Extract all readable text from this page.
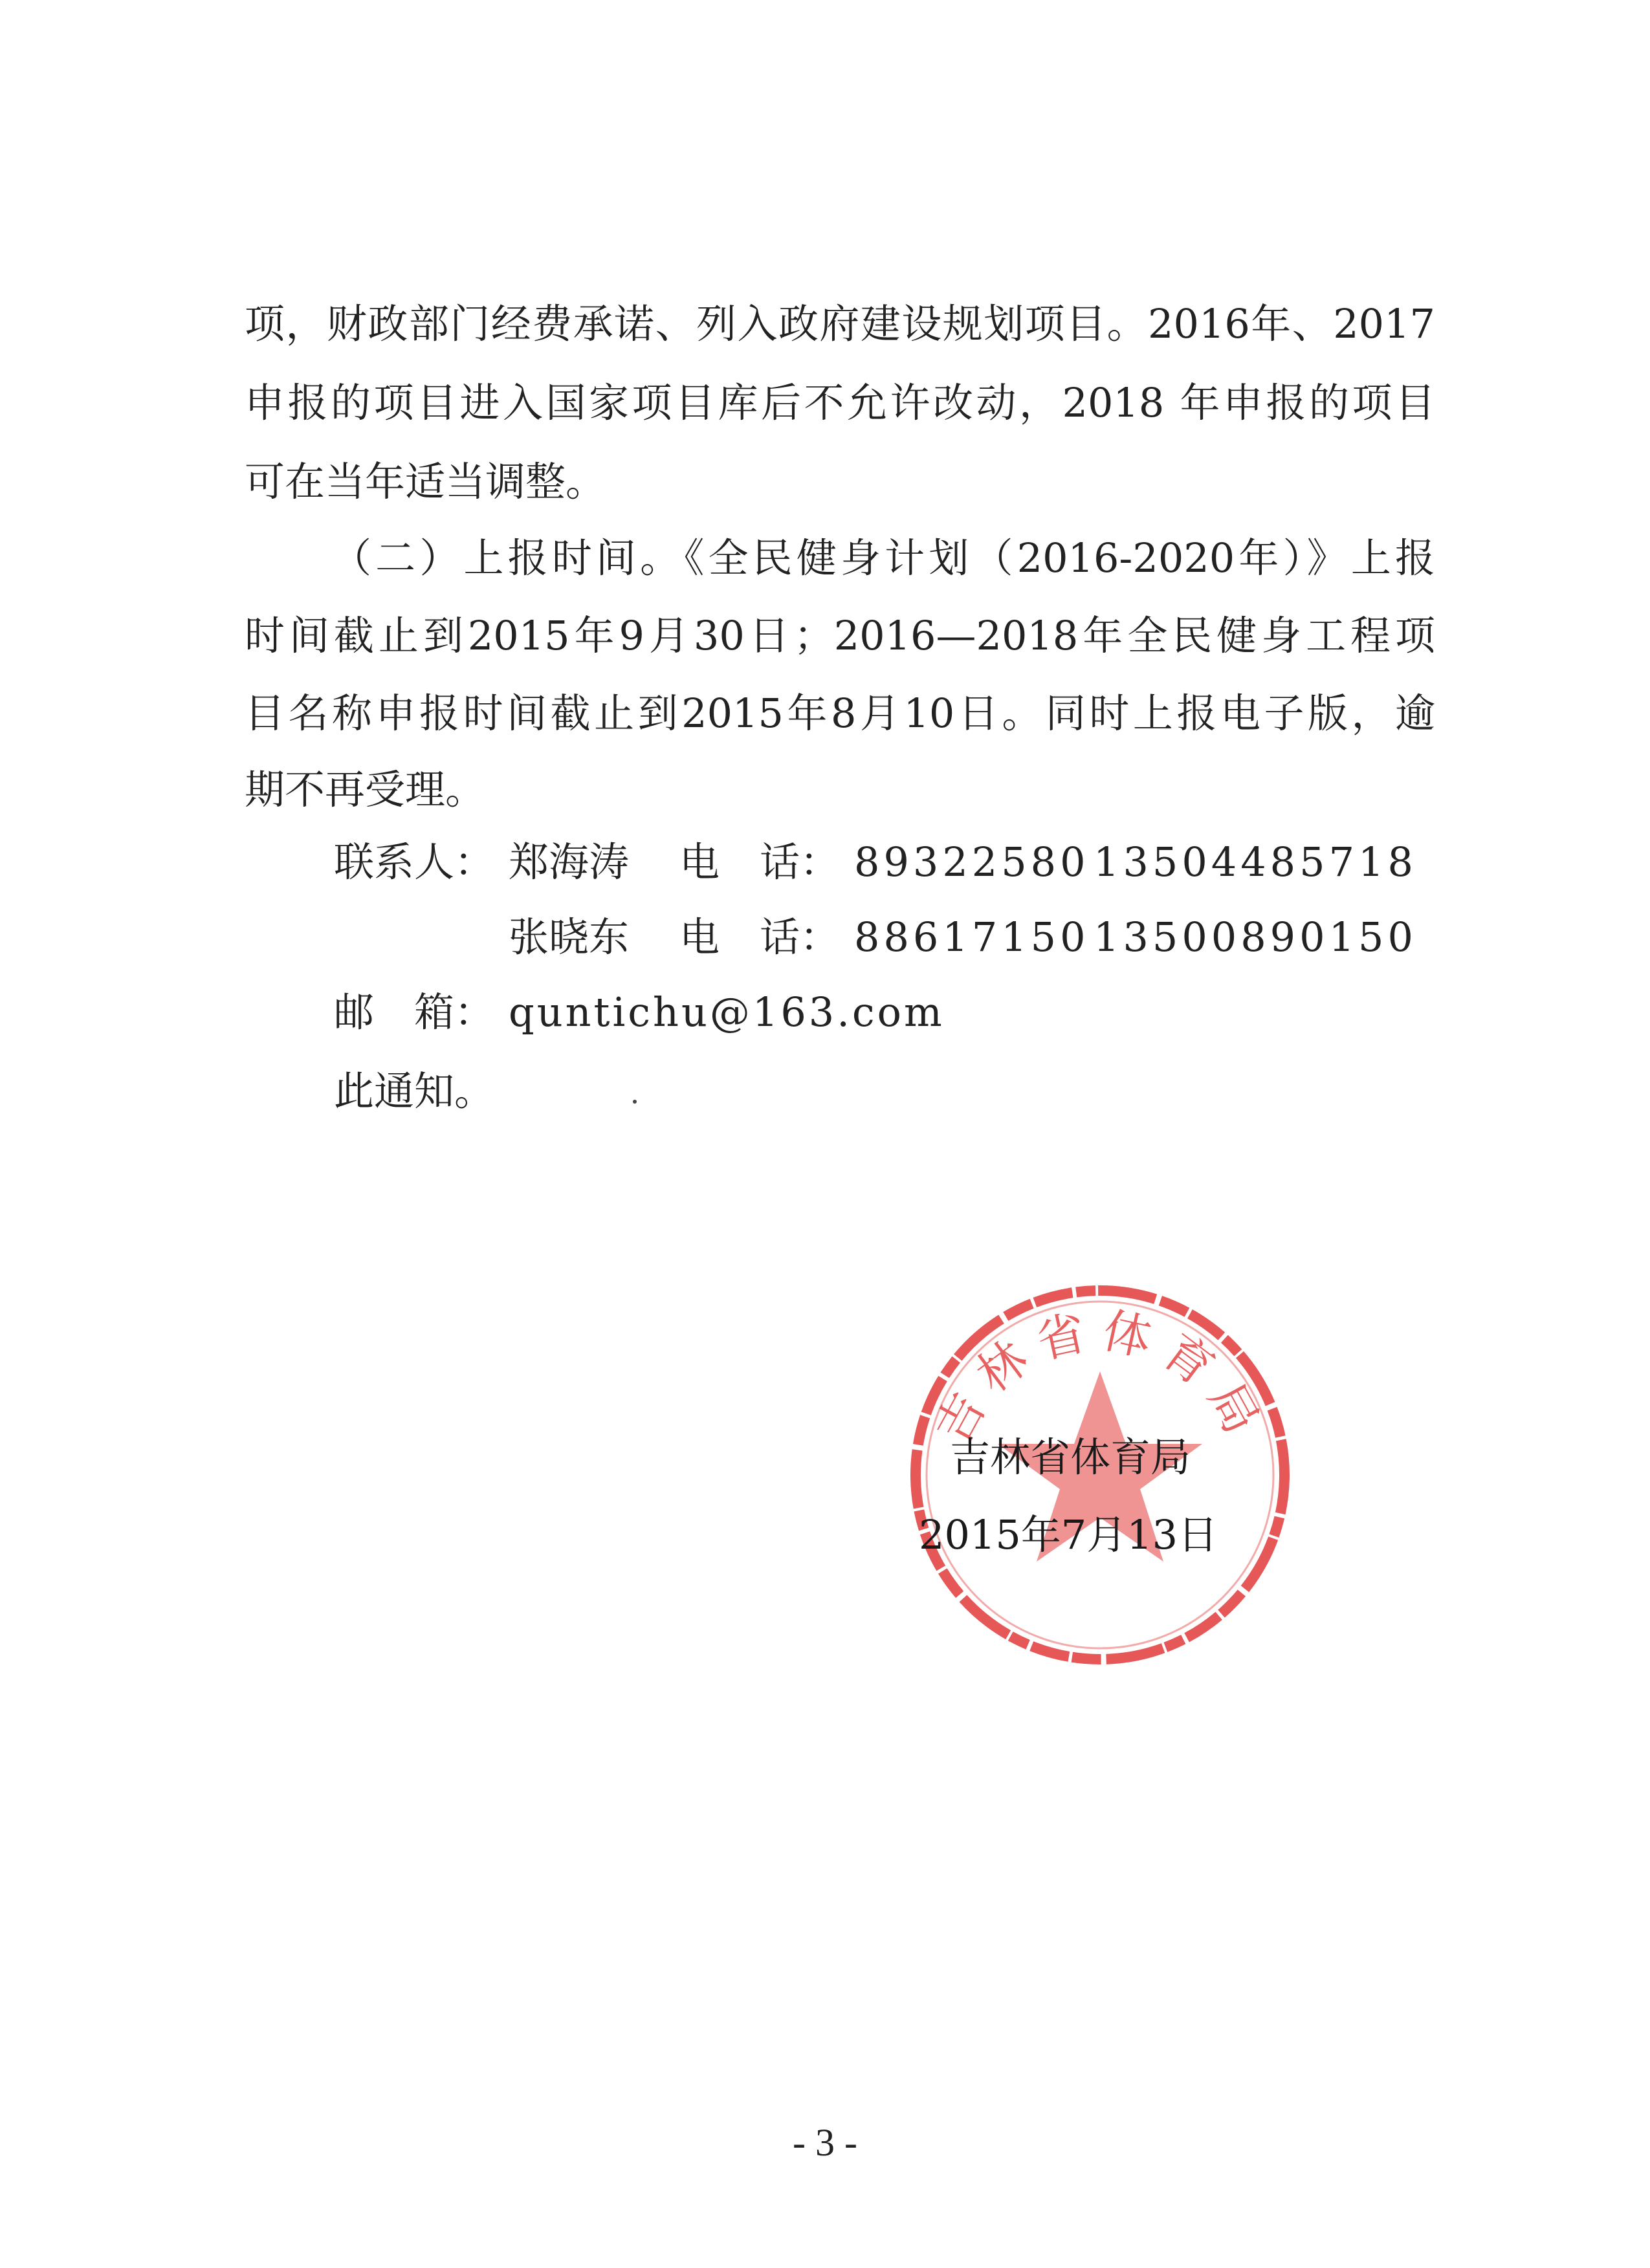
项，财政部门经费承诺、列入政府建设规划项目。2016年、2017
申报的项目进入国家项目库后不允许改动，2018 年申报的项目
可在当年适当调整。
（二）上报时间。《全民健身计划（2016-2020年）》上报
时间截止到2015年9月30日；2016—2018年全民健身工程项
目名称申报时间截止到2015年8月10日。同时上报电子版，逾
期不再受理。
联系人： 郑海涛 电　话： 89322580 13504485718
张晓东 电　话： 88617150 13500890150
邮　箱： quntichu@163.com
此通知。
吉林省体育局
吉林省体育局
2015年7月13日
- 3 -
